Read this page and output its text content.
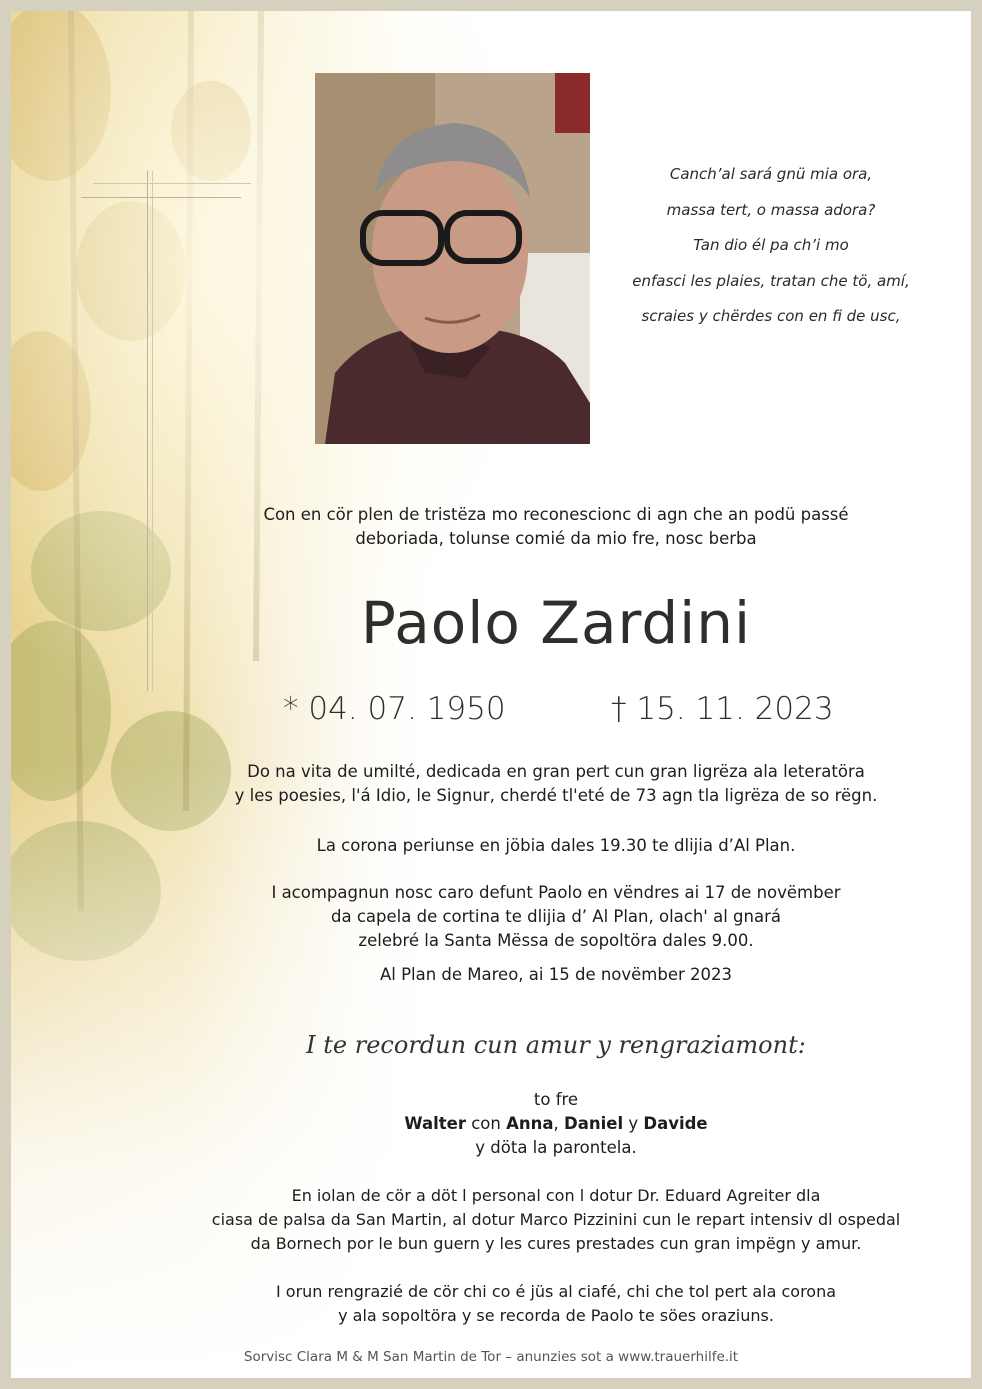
Canch’al sará gnü mia ora,
massa tert, o massa adora?
Tan dio él pa ch’i mo
enfasci les plaies, tratan che tö, amí,
scraies y chërdes con en fi de usc,
Con en cör plen de tristëza mo reconescionc di agn che an podü passé
deboriada, tolunse comié da mio fre, nosc berba
Paolo Zardini
* 04. 07. 1950	† 15. 11. 2023
Do na vita de umilté, dedicada en gran pert cun gran ligrëza ala leteratöra
y les poesies, l'á Idio, le Signur, cherdé tl'eté de 73 agn tla ligrëza de so rëgn.
La corona periunse en jöbia dales 19.30 te dlijia d’Al Plan.
I acompagnun nosc caro defunt Paolo en vëndres ai 17 de novëmber
da capela de cortina te dlijia d’ Al Plan, olach' al gnará
zelebré la Santa Mëssa de sopoltöra dales 9.00.
Al Plan de Mareo, ai 15 de novëmber 2023
I te recordun cun amur y rengraziamont:
to fre
Walter con Anna, Daniel y Davide
y döta la parontela.
En iolan de cör a döt l personal con l dotur Dr. Eduard Agreiter dla
ciasa de palsa da San Martin, al dotur Marco Pizzinini cun le repart intensiv dl ospedal
da Bornech por le bun guern y les cures prestades cun gran impëgn y amur.
I orun rengrazié de cör chi co é jüs al ciafé, chi che tol pert ala corona
y ala sopoltöra y se recorda de Paolo te söes oraziuns.
Sorvisc Clara M & M San Martin de Tor – anunzies sot a www.trauerhilfe.it
